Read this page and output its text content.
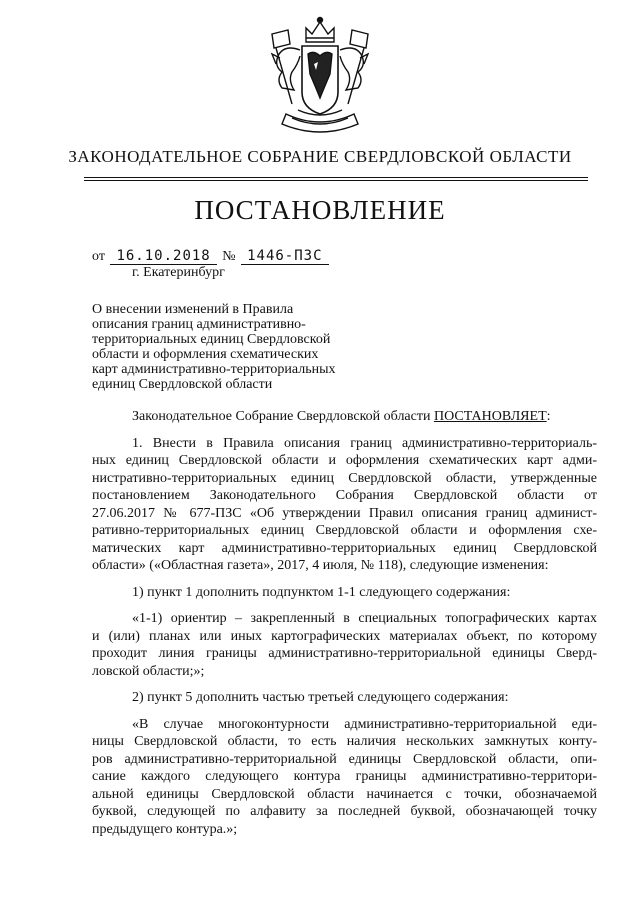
ЗАКОНОДАТЕЛЬНОЕ СОБРАНИЕ СВЕРДЛОВСКОЙ ОБЛАСТИ
ПОСТАНОВЛЕНИЕ
от 16.10.2018 № 1446-ПЗС
г. Екатеринбург
О внесении изменений в Правила
описания границ административно-
территориальных единиц Свердловской
области и оформления схематических
карт административно-территориальных
единиц Свердловской области
Законодательное Собрание Свердловской области ПОСТАНОВЛЯЕТ:
1. Внести в Правила описания границ административно-территориаль-
ных единиц Свердловской области и оформления схематических карт адми-
нистративно-территориальных единиц Свердловской области, утвержденные
постановлением Законодательного Собрания Свердловской области от
27.06.2017 № 677-ПЗС «Об утверждении Правил описания границ админист-
ративно-территориальных единиц Свердловской области и оформления схе-
матических карт административно-территориальных единиц Свердловской
области» («Областная газета», 2017, 4 июля, № 118), следующие изменения:
1) пункт 1 дополнить подпунктом 1-1 следующего содержания:
«1-1) ориентир – закрепленный в специальных топографических картах
и (или) планах или иных картографических материалах объект, по которому
проходит линия границы административно-территориальной единицы Сверд-
ловской области;»;
2) пункт 5 дополнить частью третьей следующего содержания:
«В случае многоконтурности административно-территориальной еди-
ницы Свердловской области, то есть наличия нескольких замкнутых конту-
ров административно-территориальной единицы Свердловской области, опи-
сание каждого следующего контура границы административно-территори-
альной единицы Свердловской области начинается с точки, обозначаемой
буквой, следующей по алфавиту за последней буквой, обозначающей точку
предыдущего контура.»;
